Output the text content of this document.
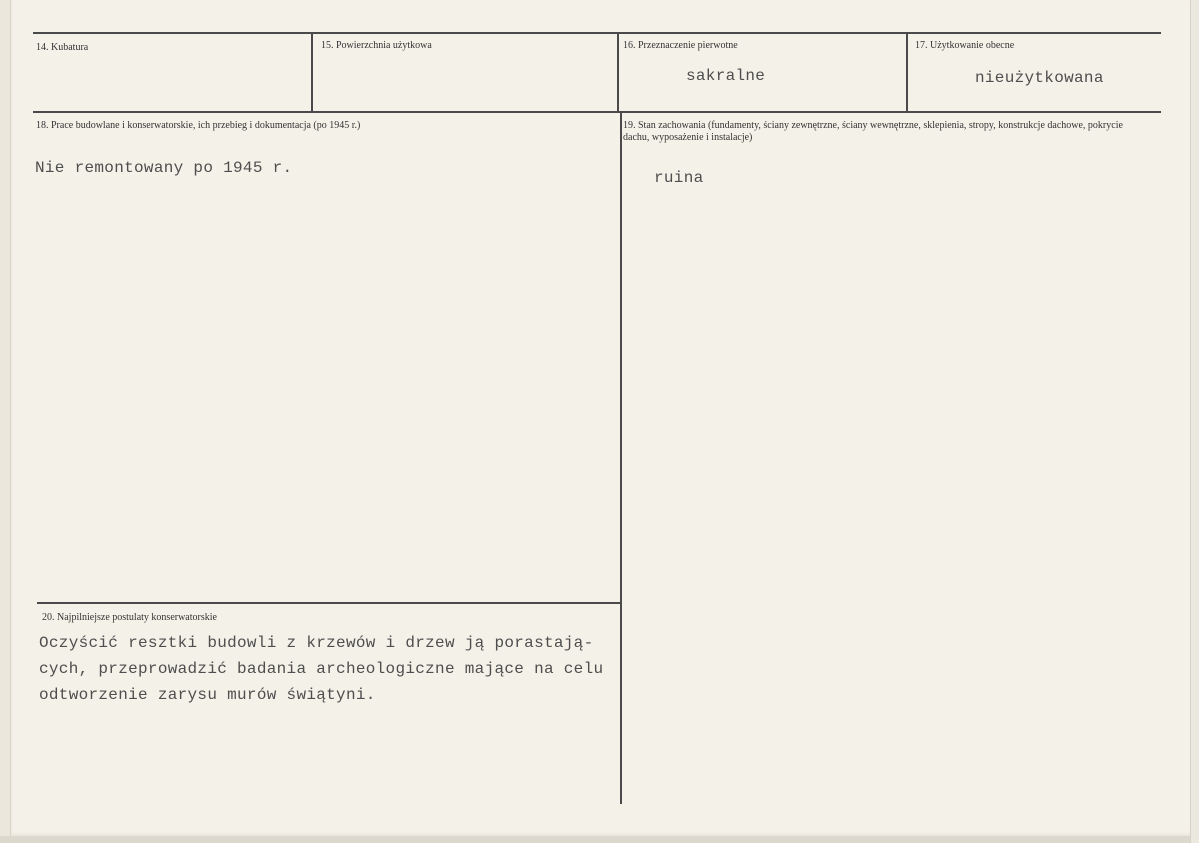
14. Kubatura	15. Powierzchnia użytkowa	16. Przeznaczenie pierwotne
sakralne
17. Użytkowanie obecne
nieużytkowana
18. Prace budowlane i konserwatorskie, ich przebieg i dokumentacja (po 1945 r.)
Nie remontowany po 1945 r.
19. Stan zachowania (fundamenty, ściany zewnętrzne, ściany wewnętrzne, sklepienia, stropy, konstrukcje dachowe, pokrycie dachu, wyposażenie i instalacje)
ruina
20. Najpilniejsze postulaty konserwatorskie
Oczyścić resztki budowli z krzewów i drzew ją porastają-
cych, przeprowadzić badania archeologiczne mające na celu
odtworzenie zarysu murów świątyni.
